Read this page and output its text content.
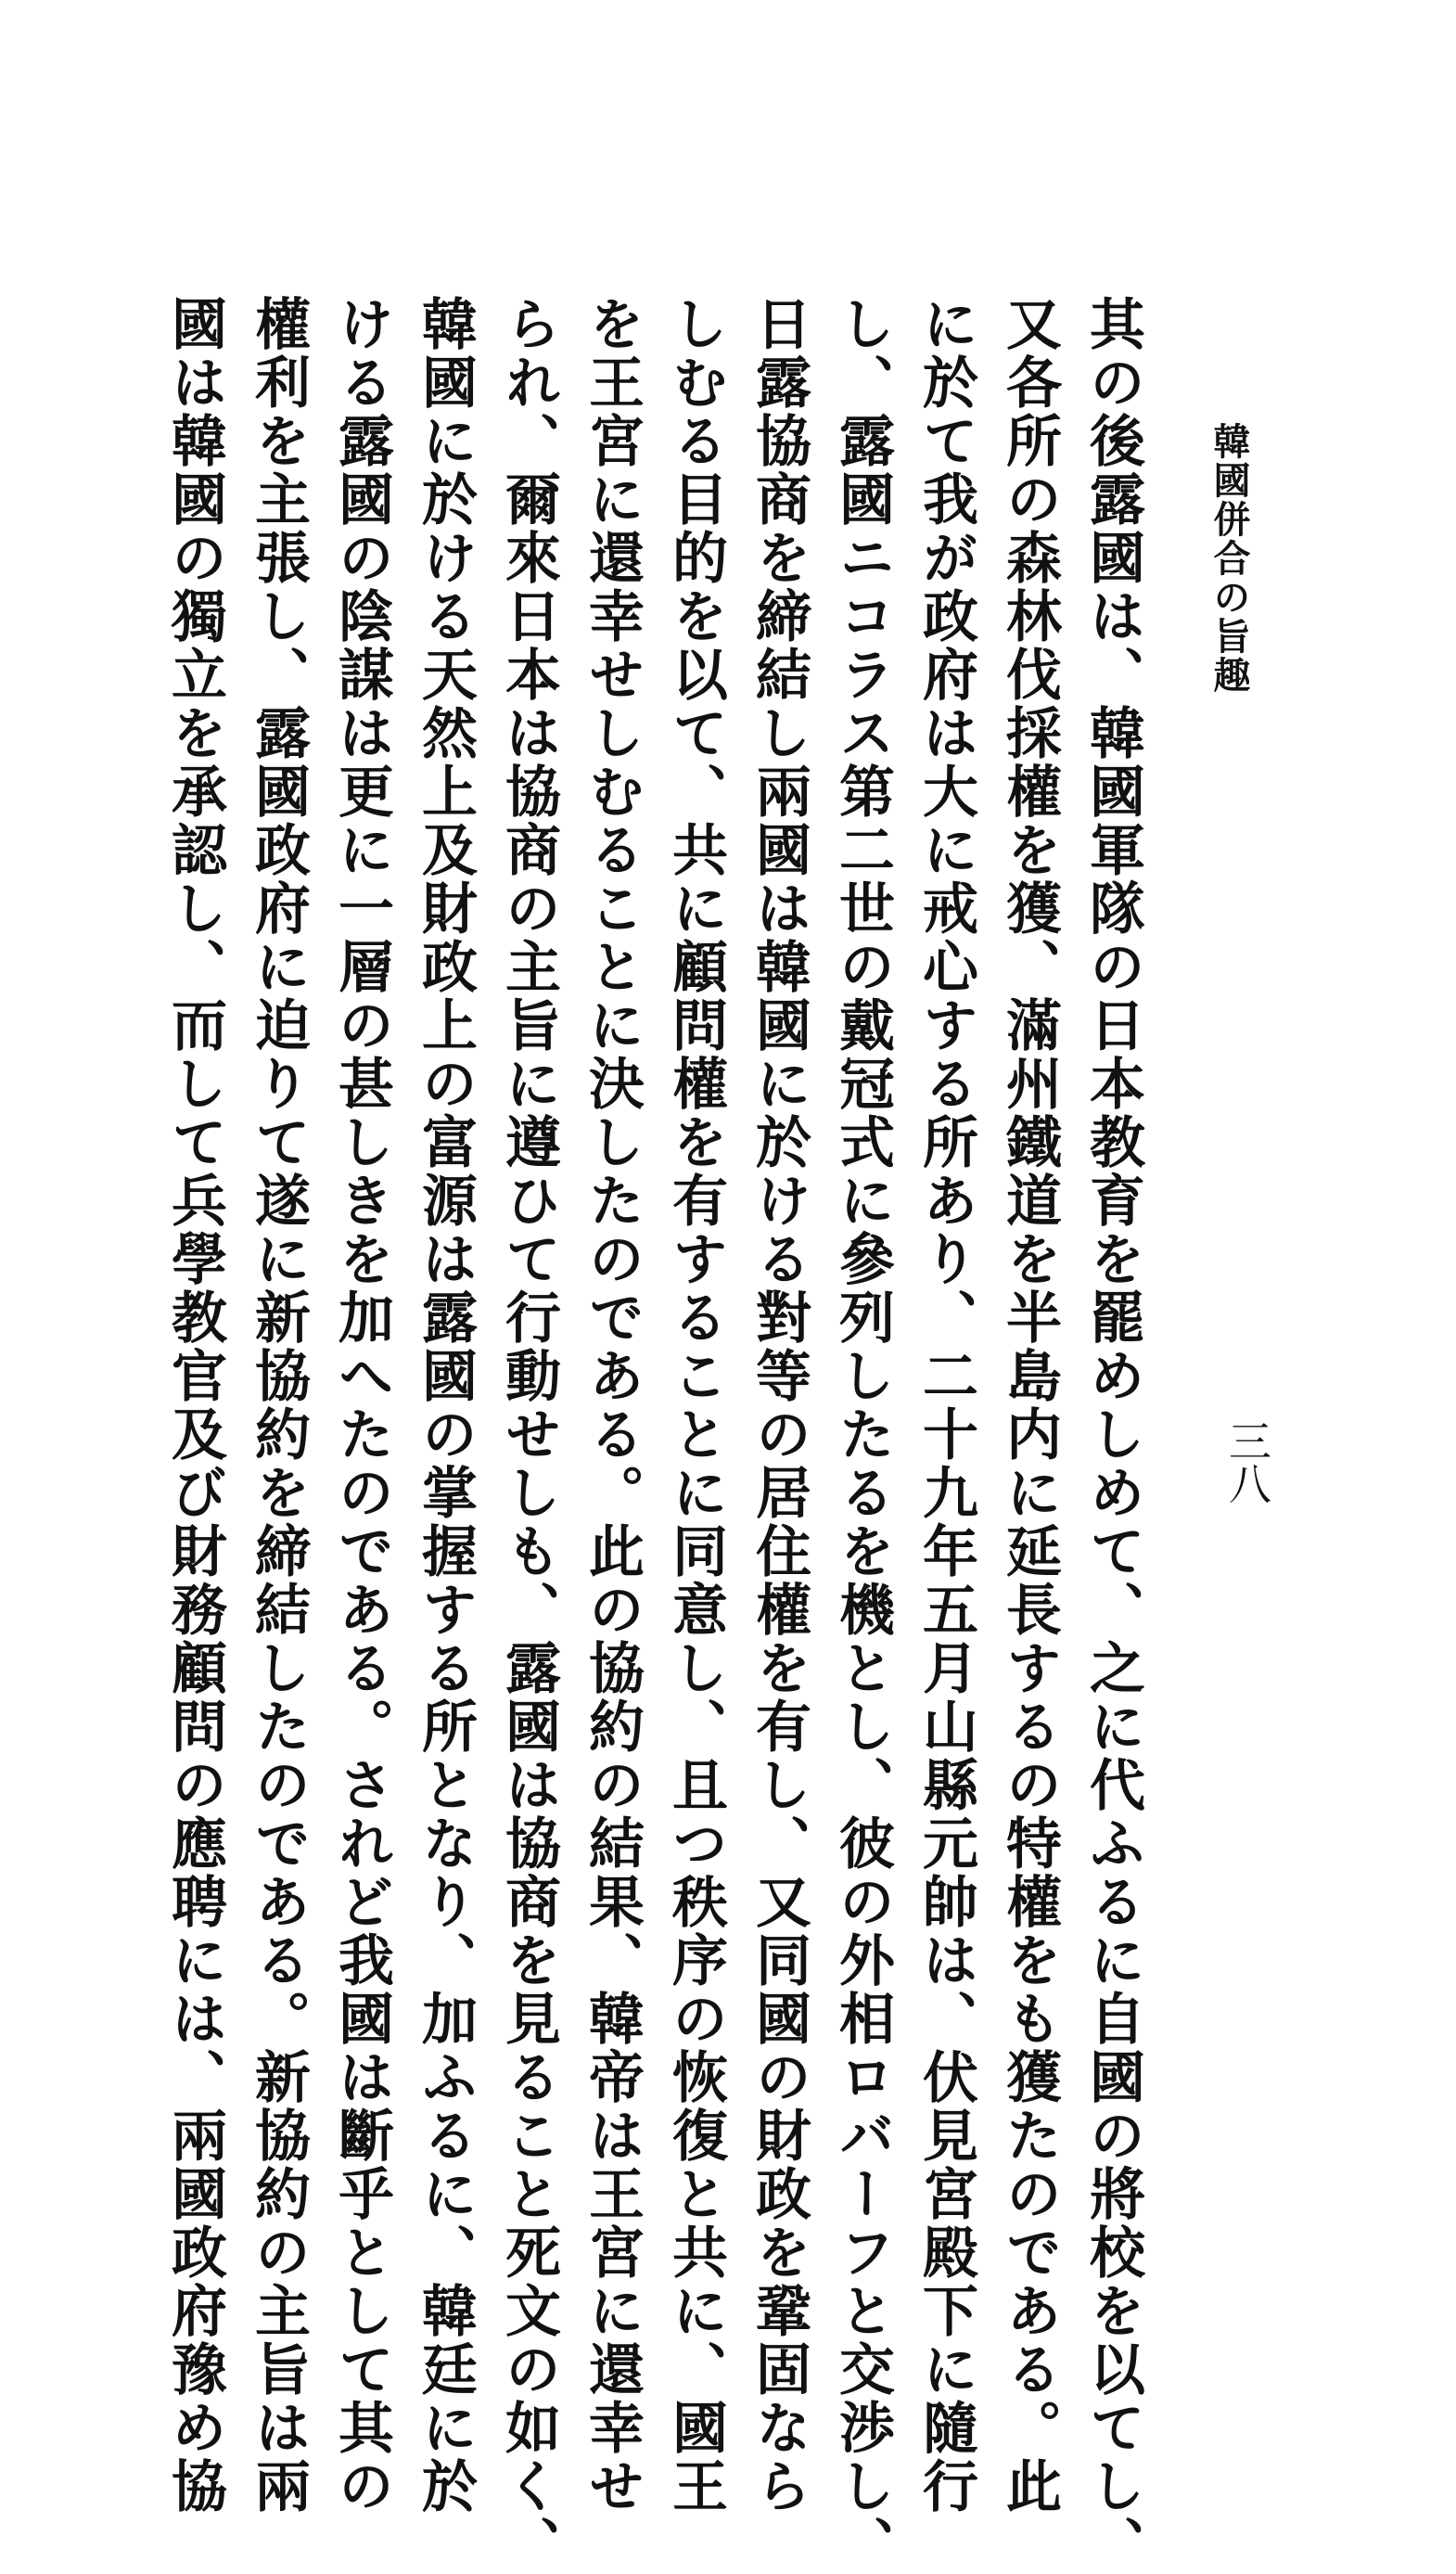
韓國併合の旨趣
三八

其の後露國は、韓國軍隊の日本教育を罷めしめて、之に代ふるに自國の將校を以てし、

又各所の森林伐採權を獲、滿州鐵道を半島内に延長するの特權をも獲たのである。此

に於て我が政府は大に戒心する所あり、二十九年五月山縣元帥は、伏見宮殿下に隨行

し、露國ニコラス第二世の戴冠式に參列したるを機とし、彼の外相ロバーフと交渉し、

日露協商を締結し兩國は韓國に於ける對等の居住權を有し、又同國の財政を鞏固なら

しむる目的を以て、共に顧問權を有することに同意し、且つ秩序の恢復と共に、國王

を王宮に還幸せしむることに決したのである。此の協約の結果、韓帝は王宮に還幸せ

られ、爾來日本は協商の主旨に遵ひて行動せしも、露國は協商を見ること死文の如く、

韓國に於ける天然上及財政上の富源は露國の掌握する所となり、加ふるに、韓廷に於

ける露國の陰謀は更に一層の甚しきを加へたのである。されど我國は斷乎として其の

權利を主張し、露國政府に迫りて遂に新協約を締結したのである。新協約の主旨は兩

國は韓國の獨立を承認し、而して兵學教官及び財務顧問の應聘には、兩國政府豫め協
